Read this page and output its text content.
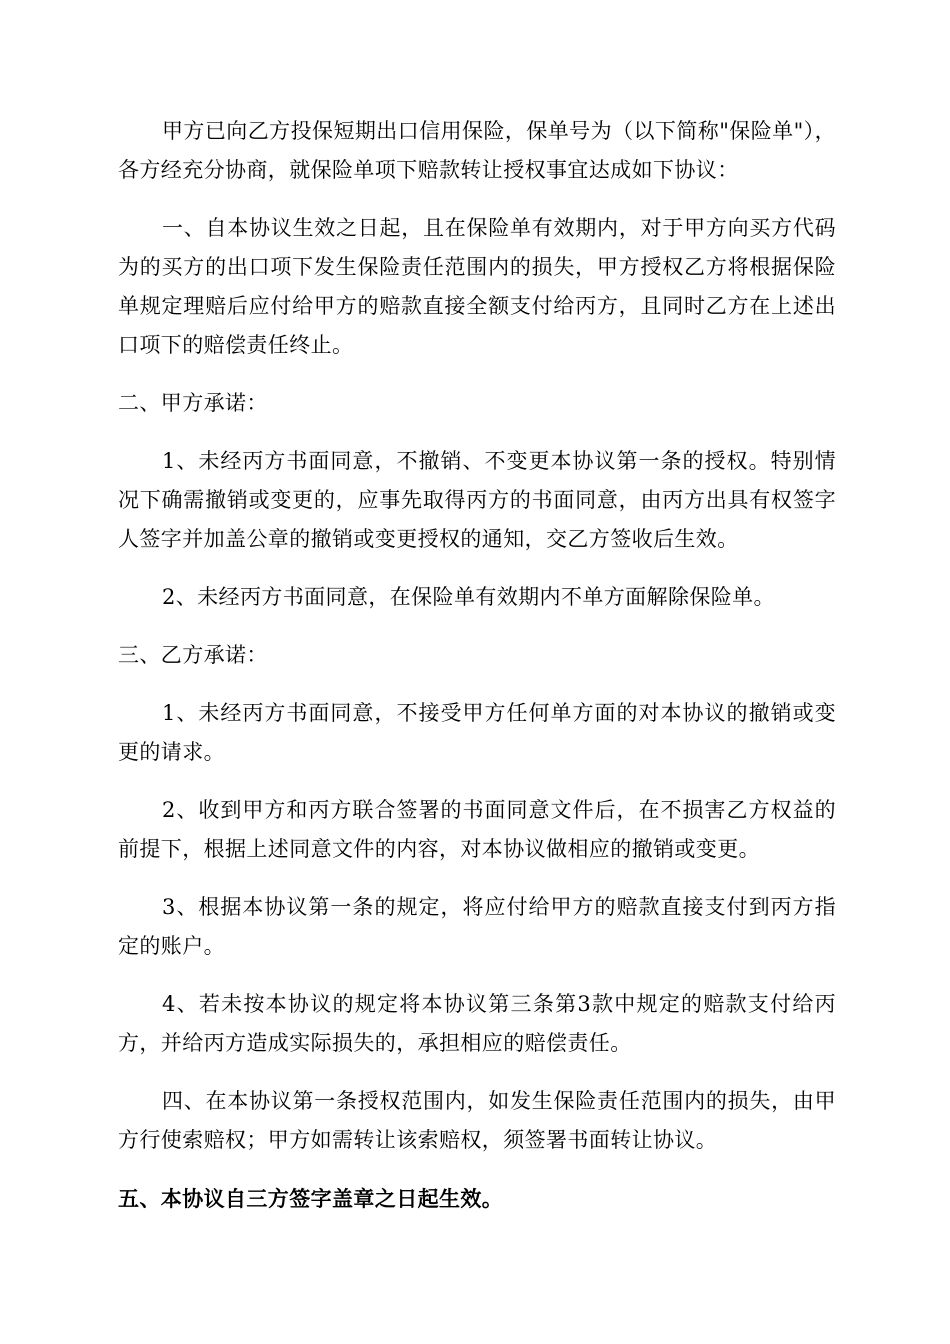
甲方已向乙方投保短期出口信用保险，保单号为（以下简称"保险单"），各方经充分协商，就保险单项下赔款转让授权事宜达成如下协议：

一、自本协议生效之日起，且在保险单有效期内，对于甲方向买方代码为的买方的出口项下发生保险责任范围内的损失，甲方授权乙方将根据保险单规定理赔后应付给甲方的赔款直接全额支付给丙方，且同时乙方在上述出口项下的赔偿责任终止。

二、甲方承诺：

1、未经丙方书面同意，不撤销、不变更本协议第一条的授权。特别情况下确需撤销或变更的，应事先取得丙方的书面同意，由丙方出具有权签字人签字并加盖公章的撤销或变更授权的通知，交乙方签收后生效。

2、未经丙方书面同意，在保险单有效期内不单方面解除保险单。

三、乙方承诺：

1、未经丙方书面同意，不接受甲方任何单方面的对本协议的撤销或变更的请求。

2、收到甲方和丙方联合签署的书面同意文件后，在不损害乙方权益的前提下，根据上述同意文件的内容，对本协议做相应的撤销或变更。

3、根据本协议第一条的规定，将应付给甲方的赔款直接支付到丙方指定的账户。

4、若未按本协议的规定将本协议第三条第3款中规定的赔款支付给丙方，并给丙方造成实际损失的，承担相应的赔偿责任。

四、在本协议第一条授权范围内，如发生保险责任范围内的损失，由甲方行使索赔权；甲方如需转让该索赔权，须签署书面转让协议。

五、本协议自三方签字盖章之日起生效。
